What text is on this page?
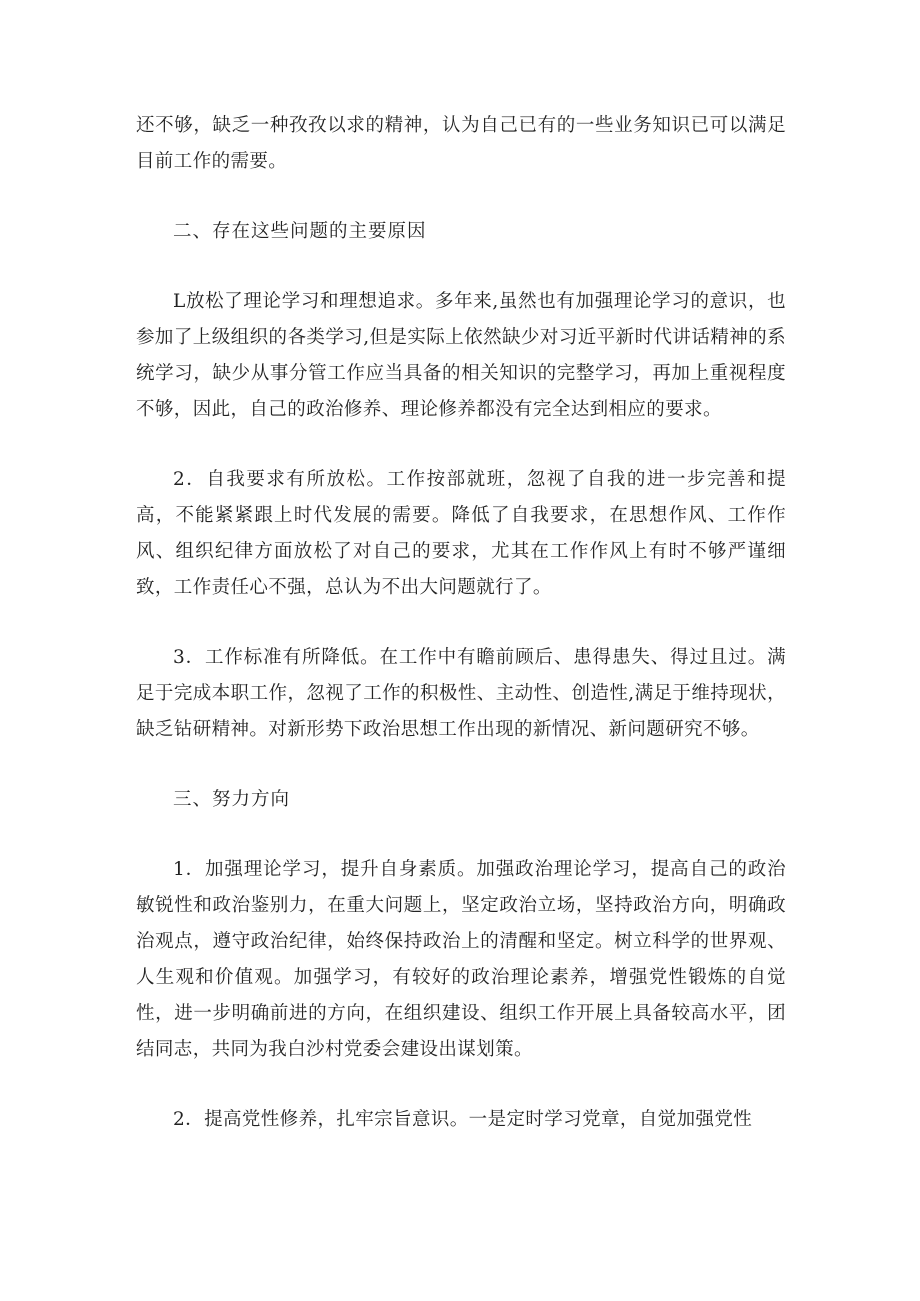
还不够，缺乏一种孜孜以求的精神，认为自己已有的一些业务知识已可以满足目前工作的需要。

二、存在这些问题的主要原因

L放松了理论学习和理想追求。多年来,虽然也有加强理论学习的意识，也参加了上级组织的各类学习,但是实际上依然缺少对习近平新时代讲话精神的系统学习，缺少从事分管工作应当具备的相关知识的完整学习，再加上重视程度不够，因此，自己的政治修养、理论修养都没有完全达到相应的要求。

2．自我要求有所放松。工作按部就班，忽视了自我的进一步完善和提高，不能紧紧跟上时代发展的需要。降低了自我要求，在思想作风、工作作风、组织纪律方面放松了对自己的要求，尤其在工作作风上有时不够严谨细致，工作责任心不强，总认为不出大问题就行了。

3．工作标准有所降低。在工作中有瞻前顾后、患得患失、得过且过。满足于完成本职工作，忽视了工作的积极性、主动性、创造性,满足于维持现状，缺乏钻研精神。对新形势下政治思想工作出现的新情况、新问题研究不够。

三、努力方向

1．加强理论学习，提升自身素质。加强政治理论学习，提高自己的政治敏锐性和政治鉴别力，在重大问题上，坚定政治立场，坚持政治方向，明确政治观点，遵守政治纪律，始终保持政治上的清醒和坚定。树立科学的世界观、人生观和价值观。加强学习，有较好的政治理论素养，增强党性锻炼的自觉性，进一步明确前进的方向，在组织建设、组织工作开展上具备较高水平，团结同志，共同为我白沙村党委会建设出谋划策。

2．提高党性修养，扎牢宗旨意识。一是定时学习党章，自觉加强党性
